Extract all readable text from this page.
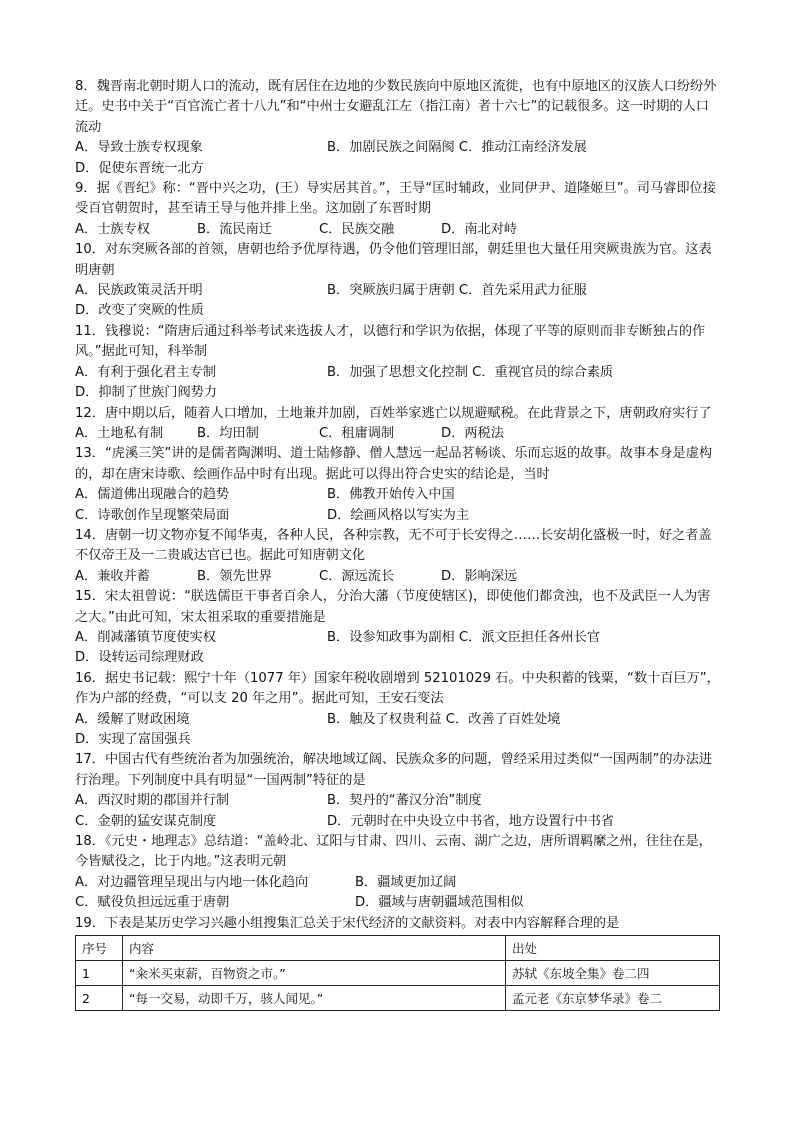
8．魏晋南北朝时期人口的流动，既有居住在边地的少数民族向中原地区流徙，也有中原地区的汉族人口纷纷外迁。史书中关于“百官流亡者十八九”和“中州士女避乱江左（指江南）者十六七”的记载很多。这一时期的人口流动

A．导致士族专权现象	B．加剧民族之间隔阂 C．推动江南经济发展
D．促使东晋统一北方

9．据《晋纪》称：“晋中兴之功，(王）导实居其首。”，王导“匡时辅政，业同伊尹、道隆姬旦”。司马睿即位接受百官朝贺时，甚至请王导与他并排上坐。这加剧了东晋时期

A．士族专权	B．流民南迁	C．民族交融	D．南北对峙

10．对东突厥各部的首领，唐朝也给予优厚待遇，仍令他们管理旧部，朝廷里也大量任用突厥贵族为官。这表明唐朝

A．民族政策灵活开明	B．突厥族归属于唐朝 C．首先采用武力征服
D．改变了突厥的性质

11．钱穆说：“隋唐后通过科举考试来选拔人才，以德行和学识为依据，体现了平等的原则而非专断独占的作风。”据此可知，科举制

A．有利于强化君主专制	B．加强了思想文化控制 C．重视官员的综合素质
D．抑制了世族门阀势力

12．唐中期以后，随着人口增加，土地兼并加剧，百姓举家逃亡以规避赋税。在此背景之下，唐朝政府实行了

A．土地私有制	B．均田制	C．租庸调制	D．两税法

13．“虎溪三笑”讲的是儒者陶渊明、道士陆修静、僧人慧远一起品茗畅谈、乐而忘返的故事。故事本身是虚构的，却在唐宋诗歌、绘画作品中时有出现。据此可以得出符合史实的结论是，当时

A．儒道佛出现融合的趋势	B．佛教开始传入中国
C．诗歌创作呈现繁荣局面	D．绘画风格以写实为主

14．唐朝一切文物亦复不闻华夷，各种人民，各种宗教，无不可于长安得之……长安胡化盛极一时，好之者盖不仅帝王及一二贵戚达官已也。据此可知唐朝文化

A．兼收并蓄	B．领先世界	C．源远流长	D．影响深远

15．宋太祖曾说：“朕选儒臣干事者百余人，分治大藩（节度使辖区)，即使他们都贪浊，也不及武臣一人为害之大。”由此可知，宋太祖采取的重要措施是

A．削减藩镇节度使实权	B．设参知政事为副相 C．派文臣担任各州长官
D．设转运司综理财政

16．据史书记载：熙宁十年（1077 年）国家年税收剧增到 52101029 石。中央积蓄的钱粟，“数十百巨万”，作为户部的经费，“可以支 20 年之用”。据此可知，王安石变法

A．缓解了财政困境	B．触及了权贵利益 C．改善了百姓处境
D．实现了富国强兵

17．中国古代有些统治者为加强统治，解决地域辽阔、民族众多的问题，曾经采用过类似“一国两制”的办法进行治理。下列制度中具有明显“一国两制”特征的是

A．西汉时期的郡国并行制	B．契丹的“蕃汉分治”制度
C．金朝的猛安谋克制度	D．元朝时在中央设立中书省，地方设置行中书省

18．《元史・地理志》总结道：“盖岭北、辽阳与甘肃、四川、云南、湖广之边，唐所谓羁縻之州，往往在是，今皆赋役之，比于内地。”这表明元朝

A．对边疆管理呈现出与内地一体化趋向	B．疆域更加辽阔
C．赋役负担远远重于唐朝	D．疆域与唐朝疆域范围相似

19．下表是某历史学习兴趣小组搜集汇总关于宋代经济的文献资料。对表中内容解释合理的是

序号	内容	出处
1	“籴米买束薪，百物资之市。”	苏轼《东坡全集》卷二四
2	“每一交易，动即千万，骇人闻见。”	孟元老《东京梦华录》卷二
